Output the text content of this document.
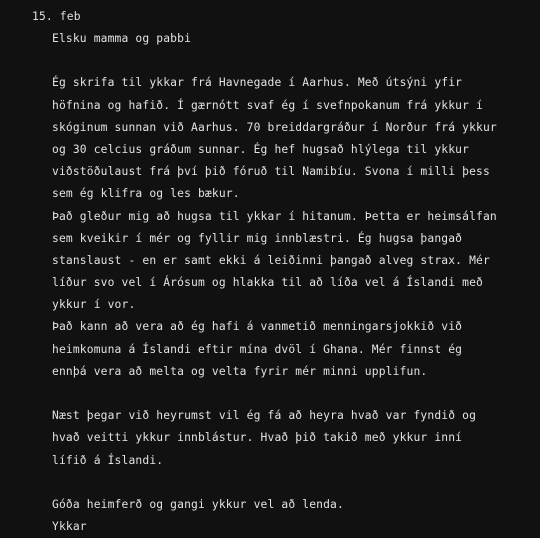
15. feb
Elsku mamma og pabbi
Ég skrifa til ykkar frá Havnegade í Aarhus. Með útsýni yfir
höfnina og hafið. Í gærnótt svaf ég í svefnpokanum frá ykkur í
skóginum sunnan við Aarhus. 70 breiddargráður í Norður frá ykkur
og 30 celcius gráðum sunnar. Ég hef hugsað hlýlega til ykkur
viðstöðulaust frá því þið fóruð til Namibíu. Svona í milli þess
sem ég klifra og les bækur.
Það gleður mig að hugsa til ykkar í hitanum. Þetta er heimsálfan
sem kveikir í mér og fyllir mig innblæstri. Ég hugsa þangað
stanslaust - en er samt ekki á leiðinni þangað alveg strax. Mér
líður svo vel í Árósum og hlakka til að líða vel á Íslandi með
ykkur í vor.
Það kann að vera að ég hafi á vanmetið menningarsjokkið við
heimkomuna á Íslandi eftir mína dvöl í Ghana. Mér finnst ég
ennþá vera að melta og velta fyrir mér minni upplifun.
Næst þegar við heyrumst vil ég fá að heyra hvað var fyndið og
hvað veitti ykkur innblástur. Hvað þið takið með ykkur inní
lífið á Íslandi.
Góða heimferð og gangi ykkur vel að lenda.
Ykkar
